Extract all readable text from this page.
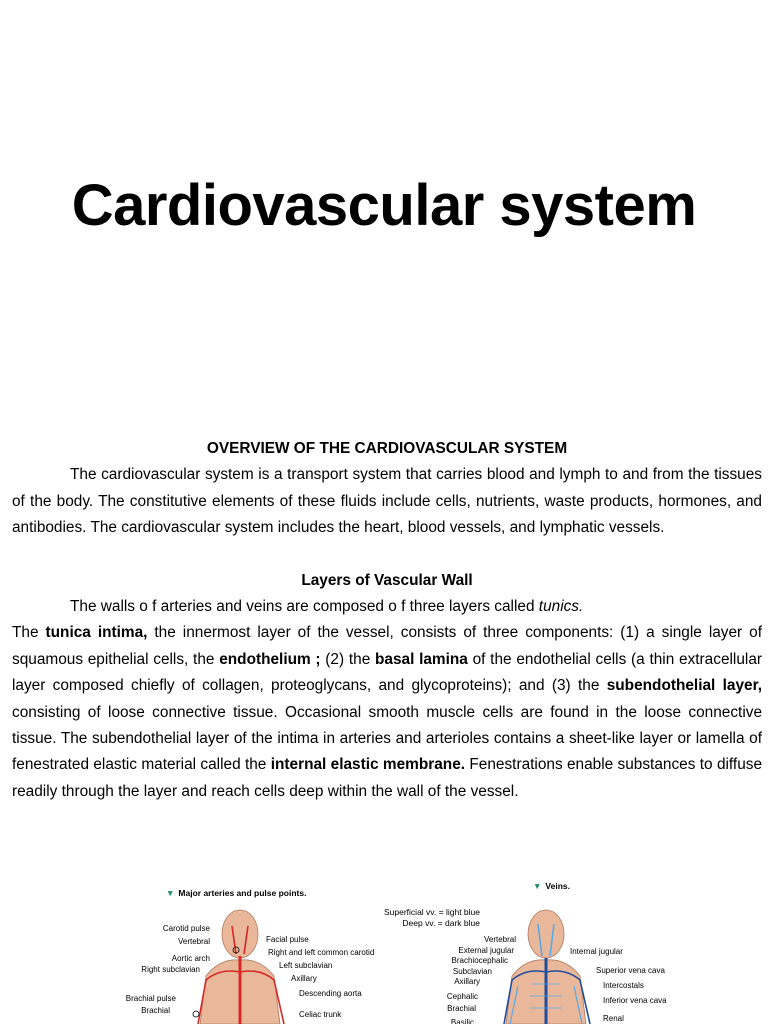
Cardiovascular system
OVERVIEW OF THE CARDIOVASCULAR SYSTEM

The cardiovascular system is a transport system that carries blood and lymph to and from the tissues of the body. The constitutive elements of these fluids include cells, nutrients, waste products, hormones, and antibodies. The cardiovascular system includes the heart, blood vessels, and lymphatic vessels.

Layers of Vascular Wall

The walls o f arteries and veins are composed o f three layers called tunics.

The tunica intima, the innermost layer of the vessel, consists of three components: (1) a single layer of squamous epithelial cells, the endothelium ; (2) the basal lamina of the endothelial cells (a thin extracellular layer composed chiefly of collagen, proteoglycans, and glycoproteins); and (3) the subendothelial layer, consisting of loose connective tissue. Occasional smooth muscle cells are found in the loose connective tissue. The subendothelial layer of the intima in arteries and arterioles contains a sheet-like layer or lamella of fenestrated elastic material called the internal elastic membrane. Fenestrations enable substances to diffuse readily through the layer and reach cells deep within the wall of the vessel.

▼ Major arteries and pulse points.
Carotid pulse
Vertebral
Aortic arch
Right subclavian
Brachial pulse
Brachial
Facial pulse
Right and left common carotid
Left subclavian
Axillary
Descending aorta
Celiac trunk
▼ Veins.
Superficial vv. = light blue
Deep vv. = dark blue
Vertebral
External jugular
Brachiocephalic
Subclavian
Axillary
Cephalic
Brachial
Basilic
Internal jugular
Superior vena cava
Intercostals
Inferior vena cava
Renal
